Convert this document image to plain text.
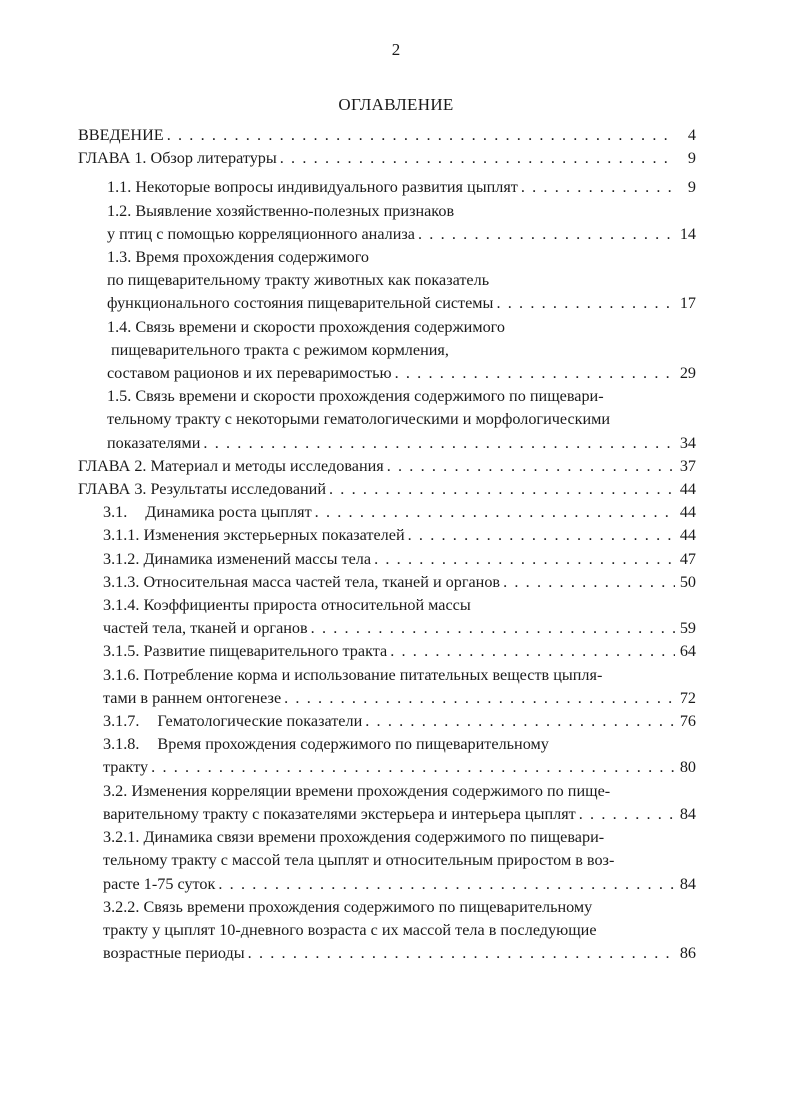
2
ОГЛАВЛЕНИЕ
ВВЕДЕНИЕ . . .	4
ГЛАВА 1. Обзор литературы . . .	9
1.1. Некоторые вопросы индивидуального развития цыплят . . .	9
1.2. Выявление хозяйственно-полезных признаков
у птиц с помощью корреляционного анализа . . .	14
1.3. Время прохождения содержимого
по пищеварительному тракту животных как показатель
функционального состояния пищеварительной системы . . .	17
1.4. Связь времени и скорости прохождения содержимого
пищеварительного тракта с режимом кормления,
составом рационов и их переваримостью . . .	29
1.5. Связь времени и скорости прохождения содержимого по пищевари-
тельному тракту с некоторыми гематологическими и морфологическими
показателями . . .	34
ГЛАВА 2. Материал и методы исследования . . .	37
ГЛАВА 3. Результаты исследований . . .	44
3.1. Динамика роста цыплят . . .	44
3.1.1. Изменения экстерьерных показателей . . .	44
3.1.2. Динамика изменений массы тела . . .	47
3.1.3. Относительная масса частей тела, тканей и органов . . .	50
3.1.4. Коэффициенты прироста относительной массы
частей тела, тканей и органов . . .	59
3.1.5. Развитие пищеварительного тракта . . .	64
3.1.6. Потребление корма и использование питательных веществ цыпля-
тами в раннем онтогенезе . . .	72
3.1.7. Гематологические показатели . . .	76
3.1.8. Время прохождения содержимого по пищеварительному
тракту . . .	80
3.2. Изменения корреляции времени прохождения содержимого по пище-
варительному тракту с показателями экстерьера и интерьера цыплят . . .	84
3.2.1. Динамика связи времени прохождения содержимого по пищевари-
тельному тракту с массой тела цыплят и относительным приростом в воз-
расте 1-75 суток . . .	84
3.2.2. Связь времени прохождения содержимого по пищеварительному
тракту у цыплят 10-дневного возраста с их массой тела в последующие
возрастные периоды . . .	86
